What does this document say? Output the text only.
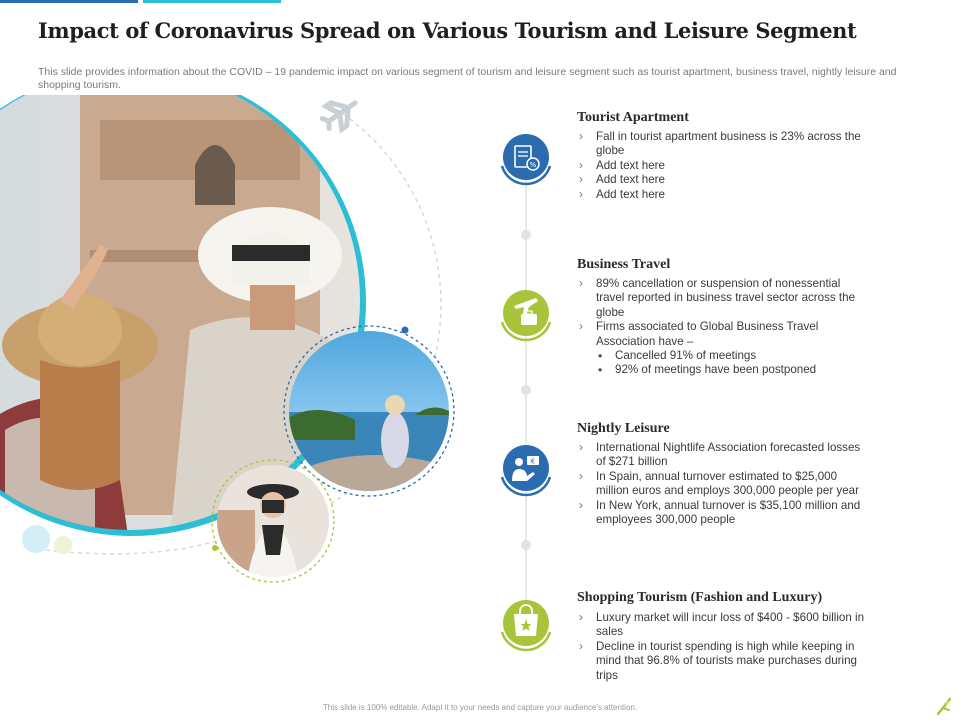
Impact of Coronavirus Spread on Various Tourism and Leisure Segment

This slide provides information about the COVID – 19 pandemic impact on various segment of tourism and leisure segment such as tourist apartment, business travel, nightly leisure and shopping tourism.

%
€
Tourist Apartment
› Fall in tourist apartment business is 23% across the globe
› Add text here
› Add text here
› Add text here
Business Travel
› 89% cancellation or suspension of nonessential travel reported in business travel sector across the globe
› Firms associated to Global Business Travel Association have –
• Cancelled 91% of meetings
• 92% of meetings have been postponed
Nightly Leisure
› International Nightlife Association forecasted losses of $271 billion
› In Spain, annual turnover estimated to $25,000 million euros and employs 300,000 people per year
› In New York, annual turnover is $35,100 million and employees 300,000 people
Shopping Tourism (Fashion and Luxury)
› Luxury market will incur loss of $400 - $600 billion in sales
› Decline in tourist spending is high while keeping in mind that 96.8% of tourists make purchases during trips
This slide is 100% editable. Adapt it to your needs and capture your audience's attention.
